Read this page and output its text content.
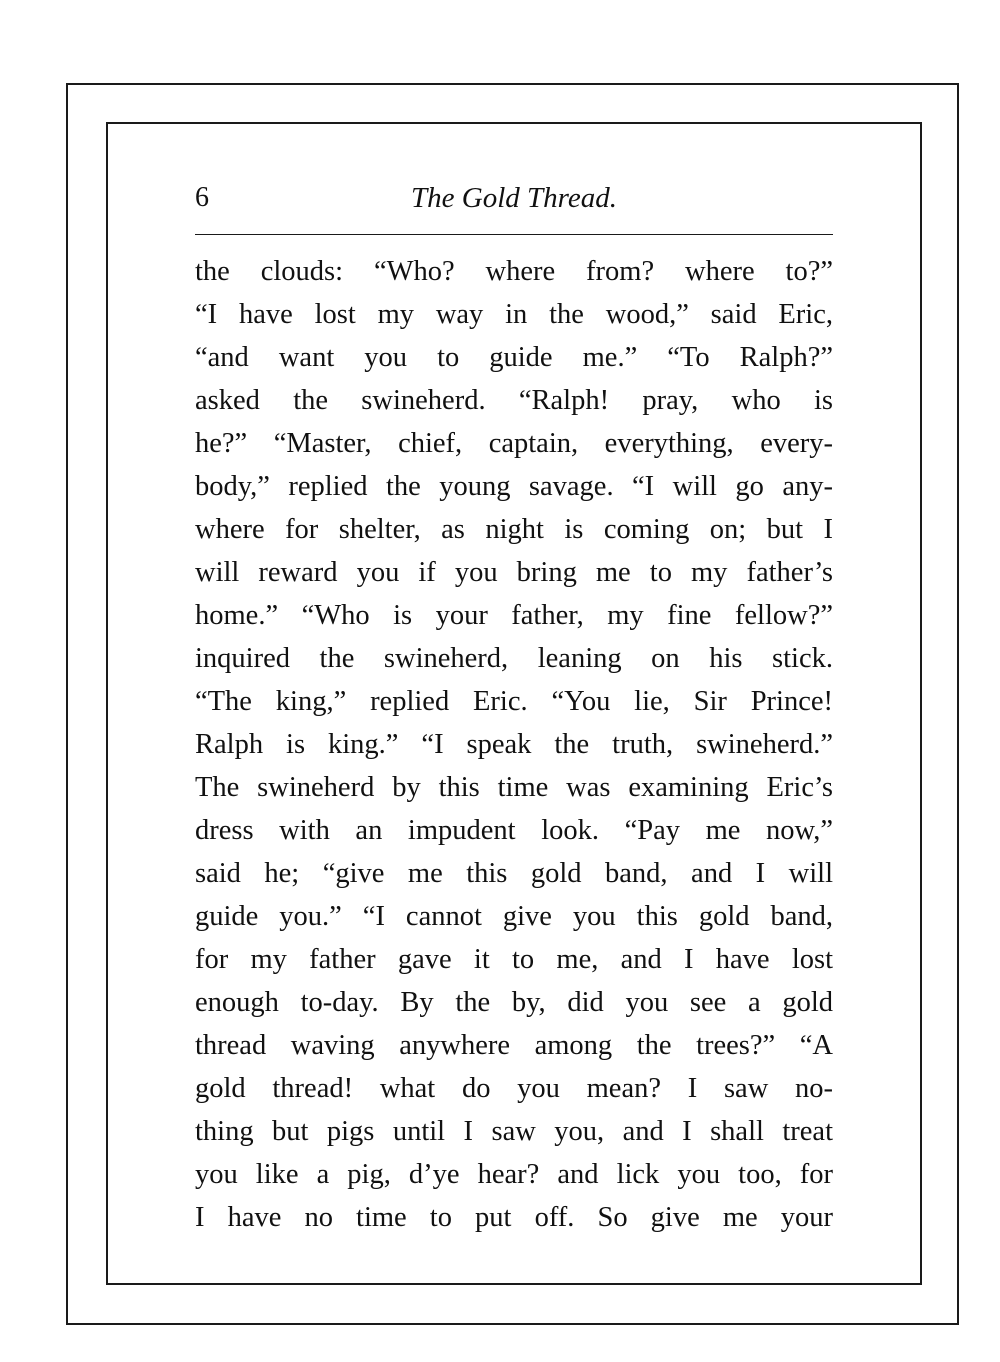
6	The Gold Thread.
the clouds: “Who? where from? where to?”
“I have lost my way in the wood,” said Eric,
“and want you to guide me.” “To Ralph?”
asked the swineherd. “Ralph! pray, who is
he?” “Master, chief, captain, everything, every-
body,” replied the young savage. “I will go any-
where for shelter, as night is coming on; but I
will reward you if you bring me to my father’s
home.” “Who is your father, my fine fellow?”
inquired the swineherd, leaning on his stick.
“The king,” replied Eric. “You lie, Sir Prince!
Ralph is king.” “I speak the truth, swineherd.”
The swineherd by this time was examining Eric’s
dress with an impudent look. “Pay me now,”
said he; “give me this gold band, and I will
guide you.” “I cannot give you this gold band,
for my father gave it to me, and I have lost
enough to-day. By the by, did you see a gold
thread waving anywhere among the trees?” “A
gold thread! what do you mean? I saw no-
thing but pigs until I saw you, and I shall treat
you like a pig, d’ye hear? and lick you too, for
I have no time to put off. So give me your
